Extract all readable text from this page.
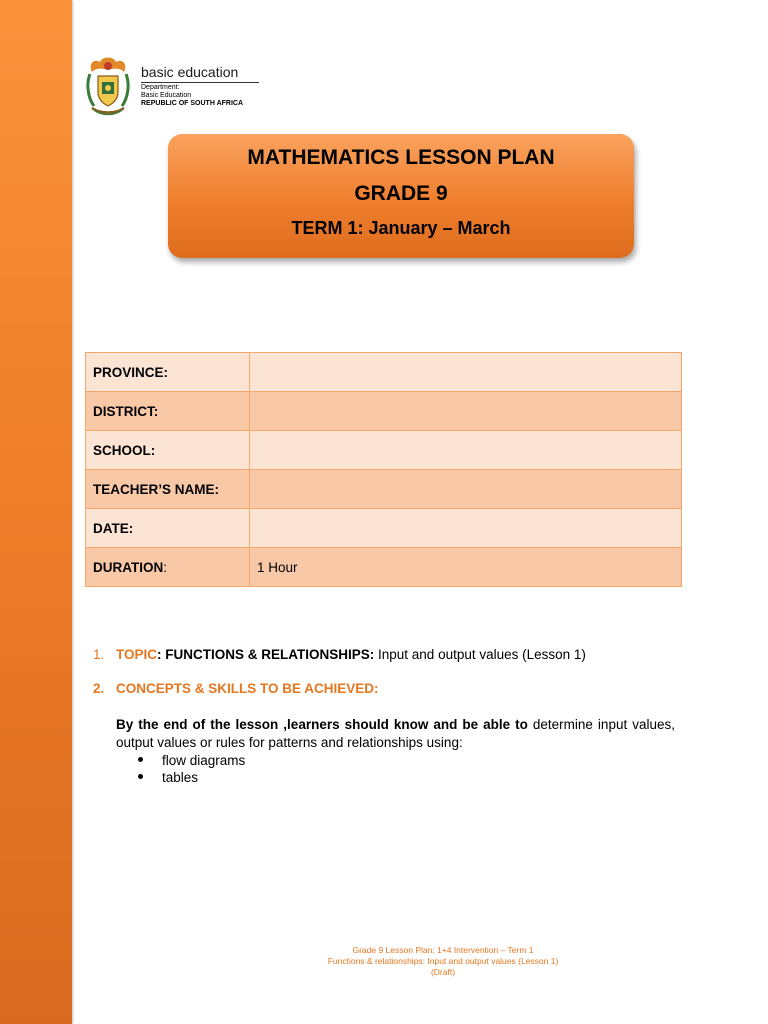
basic education
Department:
Basic Education
REPUBLIC OF SOUTH AFRICA
MATHEMATICS LESSON PLAN
GRADE 9
TERM 1: January – March
PROVINCE:	
DISTRICT:	
SCHOOL:	
TEACHER’S NAME:	
DATE:	
DURATION:	1 Hour
1. TOPIC: FUNCTIONS & RELATIONSHIPS: Input and output values (Lesson 1)
2. CONCEPTS & SKILLS TO BE ACHIEVED:
By the end of the lesson ,learners should know and be able to determine input values, output values or rules for patterns and relationships using:
flow diagrams
tables
Grade 9 Lesson Plan: 1+4 Intervention – Term 1
Functions & relationships: Input and output values (Lesson 1)
(Draft)
